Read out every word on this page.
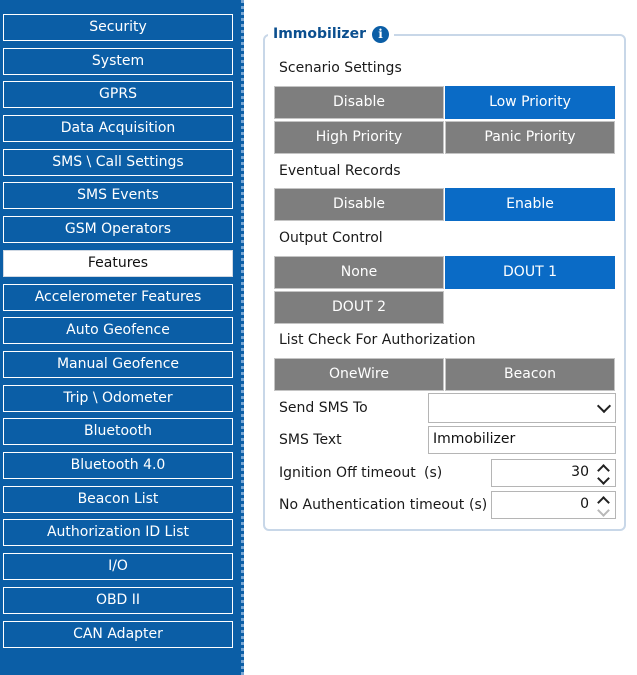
Security
System
GPRS
Data Acquisition
SMS \ Call Settings
SMS Events
GSM Operators
Features
Accelerometer Features
Auto Geofence
Manual Geofence
Trip \ Odometer
Bluetooth
Bluetooth 4.0
Beacon List
Authorization ID List
I/O
OBD II
CAN Adapter
Immobilizer	i
Scenario Settings
Disable	Low Priority
High Priority	Panic Priority
Eventual Records
Disable	Enable
Output Control
None	DOUT 1
DOUT 2
List Check For Authorization
OneWire	Beacon
Send SMS To
SMS Text	Immobilizer
Ignition Off timeout (s)	30
No Authentication timeout (s)	0
